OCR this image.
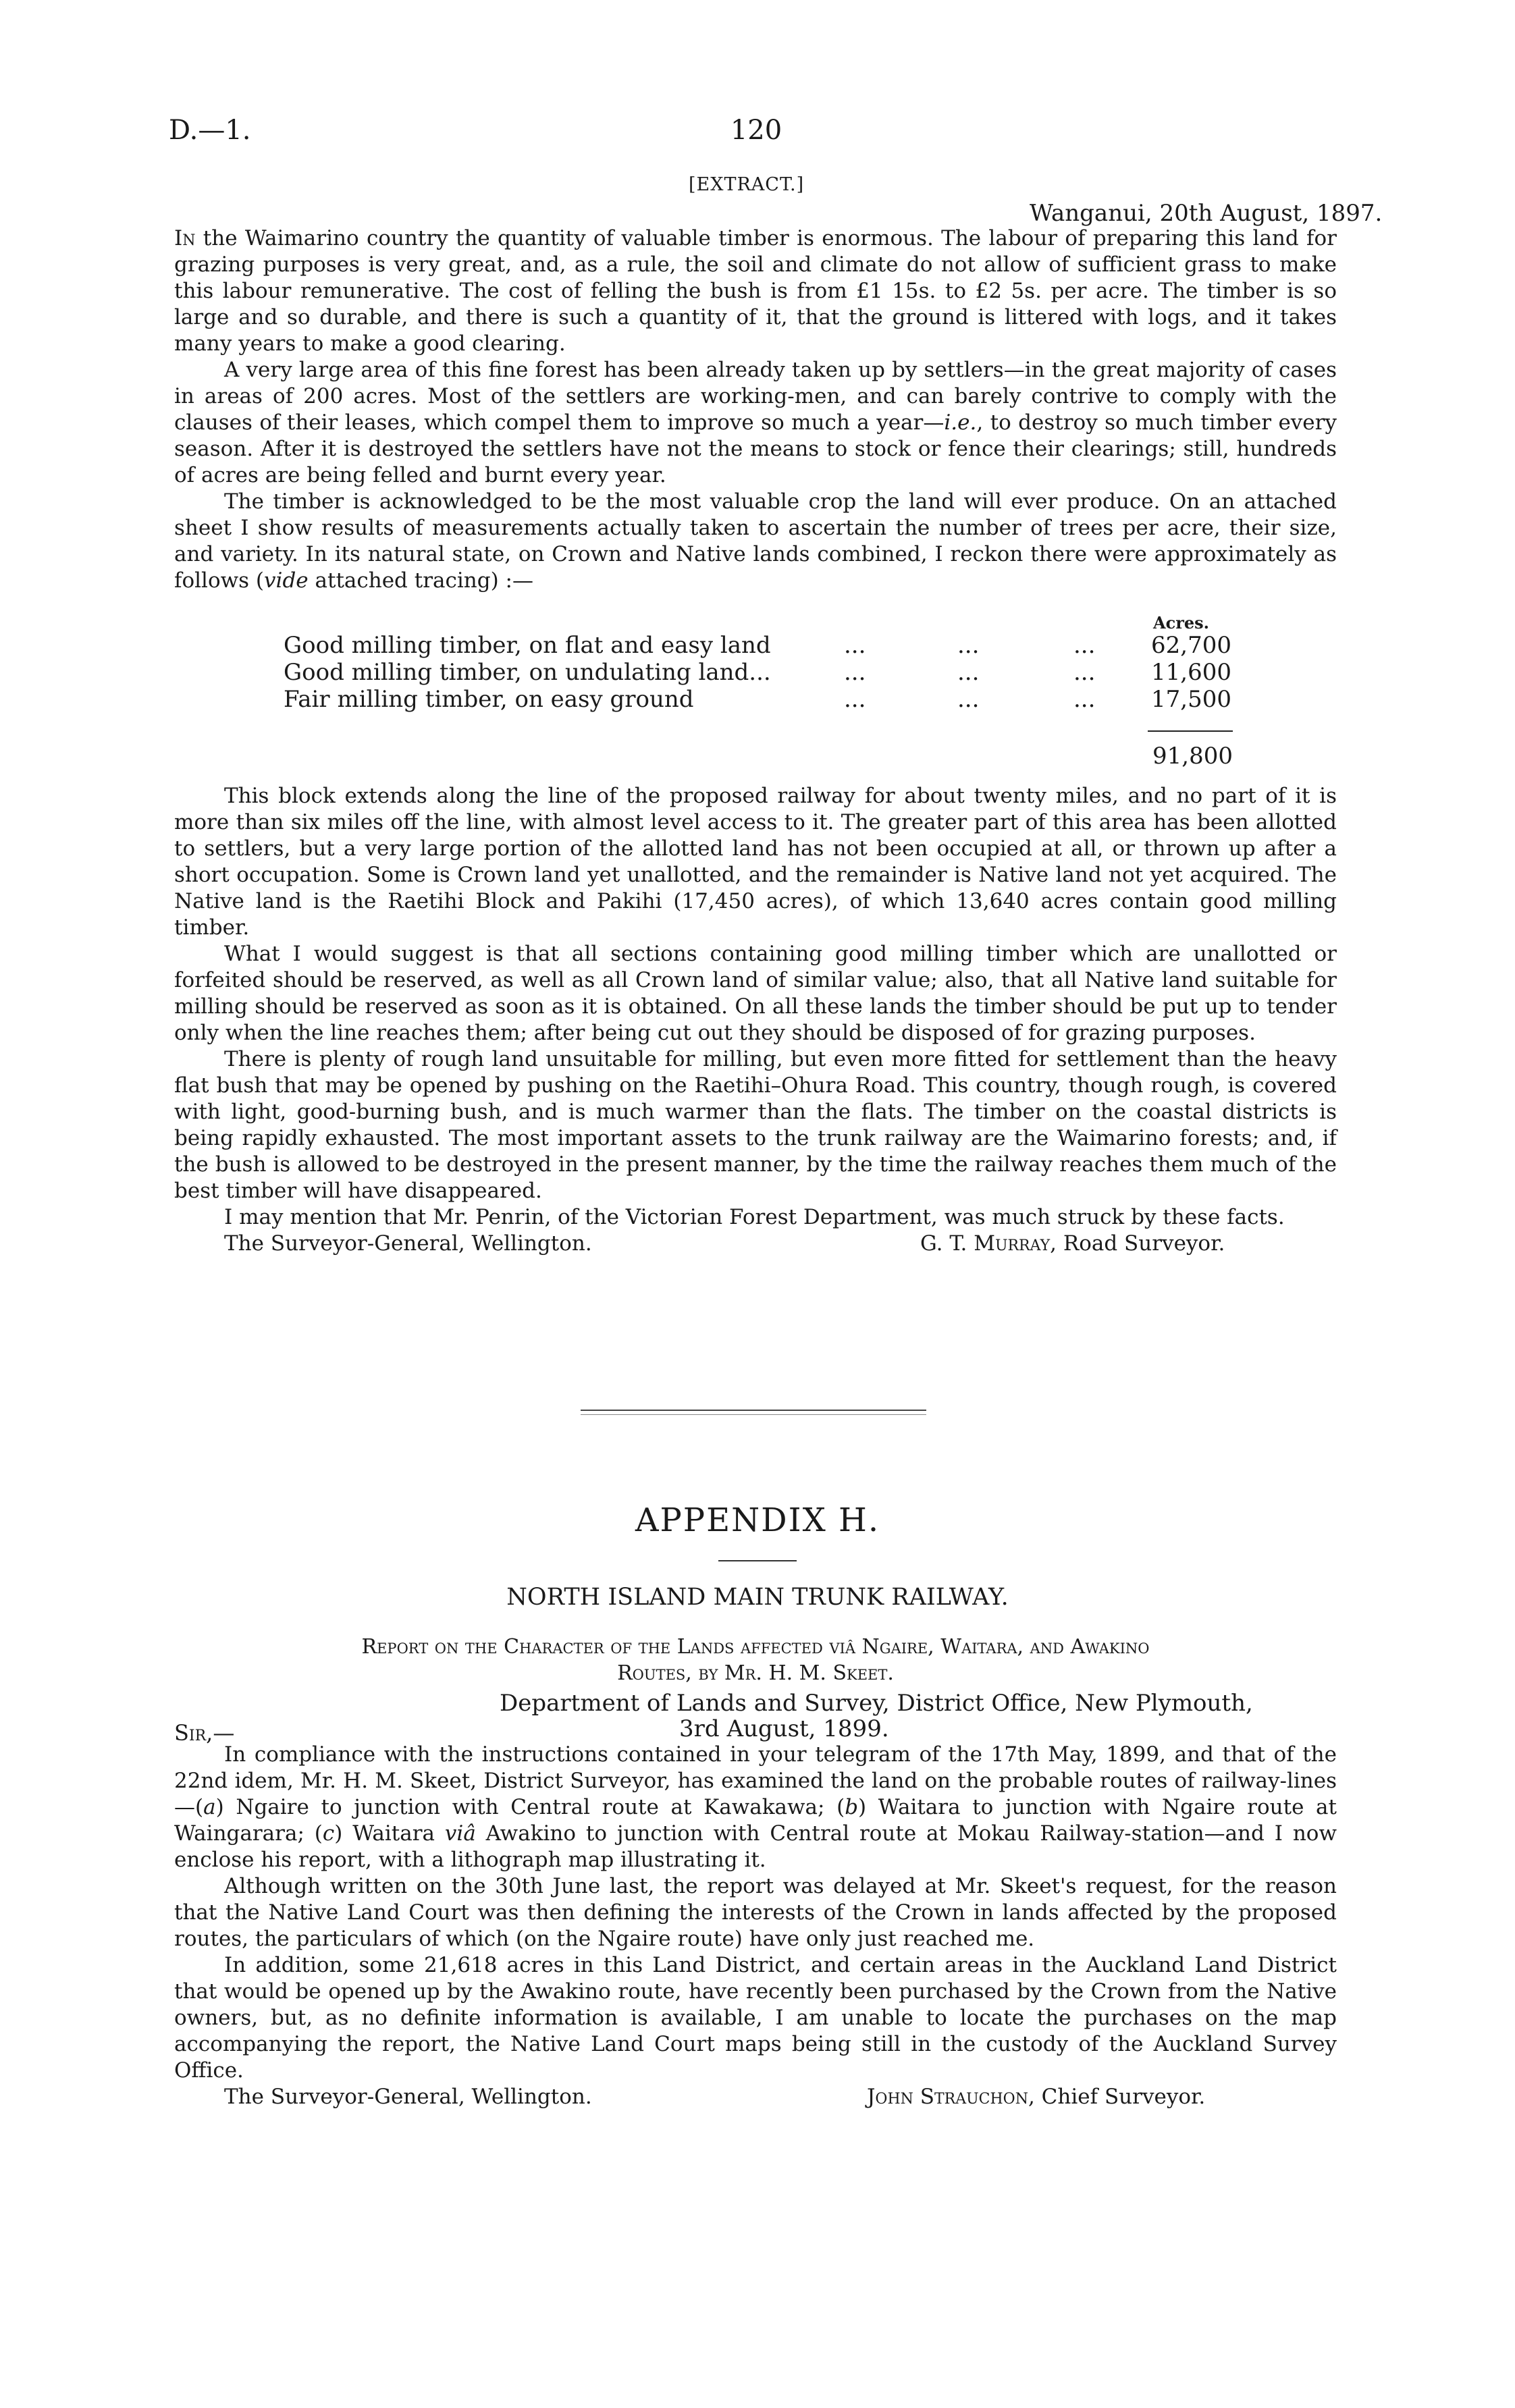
D.—1.	120
[EXTRACT.]
Wanganui, 20th August, 1897.

In the Waimarino country the quantity of valuable timber is enormous. The labour of preparing this land for grazing purposes is very great, and, as a rule, the soil and climate do not allow of sufficient grass to make this labour remunerative. The cost of felling the bush is from £1 15s. to £2 5s. per acre. The timber is so large and so durable, and there is such a quantity of it, that the ground is littered with logs, and it takes many years to make a good clearing.

A very large area of this fine forest has been already taken up by settlers—in the great majority of cases in areas of 200 acres. Most of the settlers are working-men, and can barely contrive to comply with the clauses of their leases, which compel them to improve so much a year—i.e., to destroy so much timber every season. After it is destroyed the settlers have not the means to stock or fence their clearings; still, hundreds of acres are being felled and burnt every year.

The timber is acknowledged to be the most valuable crop the land will ever produce. On an attached sheet I show results of measurements actually taken to ascertain the number of trees per acre, their size, and variety. In its natural state, on Crown and Native lands combined, I reckon there were approximately as follows (vide attached tracing) :—

Acres.
Good milling timber, on flat and easy land	...	...	... 62,700
Good milling timber, on undulating land...	...	...	... 11,600
Fair milling timber, on easy ground	...	...	... 17,500
91,800

This block extends along the line of the proposed railway for about twenty miles, and no part of it is more than six miles off the line, with almost level access to it. The greater part of this area has been allotted to settlers, but a very large portion of the allotted land has not been occupied at all, or thrown up after a short occupation. Some is Crown land yet unallotted, and the remainder is Native land not yet acquired. The Native land is the Raetihi Block and Pakihi (17,450 acres), of which 13,640 acres contain good milling timber.

What I would suggest is that all sections containing good milling timber which are unallotted or forfeited should be reserved, as well as all Crown land of similar value; also, that all Native land suitable for milling should be reserved as soon as it is obtained. On all these lands the timber should be put up to tender only when the line reaches them; after being cut out they should be disposed of for grazing purposes.

There is plenty of rough land unsuitable for milling, but even more fitted for settlement than the heavy flat bush that may be opened by pushing on the Raetihi–Ohura Road. This country, though rough, is covered with light, good-burning bush, and is much warmer than the flats. The timber on the coastal districts is being rapidly exhausted. The most important assets to the trunk railway are the Waimarino forests; and, if the bush is allowed to be destroyed in the present manner, by the time the railway reaches them much of the best timber will have disappeared.

I may mention that Mr. Penrin, of the Victorian Forest Department, was much struck by these facts.

The Surveyor-General, Wellington.	G. T. Murray, Road Surveyor.
APPENDIX H.
NORTH ISLAND MAIN TRUNK RAILWAY.
Report on the Character of the Lands affected viâ Ngaire, Waitara, and Awakino
Routes, by Mr. H. M. Skeet.
Department of Lands and Survey, District Office, New Plymouth,
Sir,—	3rd August, 1899.

In compliance with the instructions contained in your telegram of the 17th May, 1899, and that of the 22nd idem, Mr. H. M. Skeet, District Surveyor, has examined the land on the probable routes of railway-lines—(a) Ngaire to junction with Central route at Kawakawa; (b) Waitara to junction with Ngaire route at Waingarara; (c) Waitara viâ Awakino to junction with Central route at Mokau Railway-station—and I now enclose his report, with a lithograph map illustrating it.

Although written on the 30th June last, the report was delayed at Mr. Skeet's request, for the reason that the Native Land Court was then defining the interests of the Crown in lands affected by the proposed routes, the particulars of which (on the Ngaire route) have only just reached me.

In addition, some 21,618 acres in this Land District, and certain areas in the Auckland Land District that would be opened up by the Awakino route, have recently been purchased by the Crown from the Native owners, but, as no definite information is available, I am unable to locate the purchases on the map accompanying the report, the Native Land Court maps being still in the custody of the Auckland Survey Office.

The Surveyor-General, Wellington.	John Strauchon, Chief Surveyor.
